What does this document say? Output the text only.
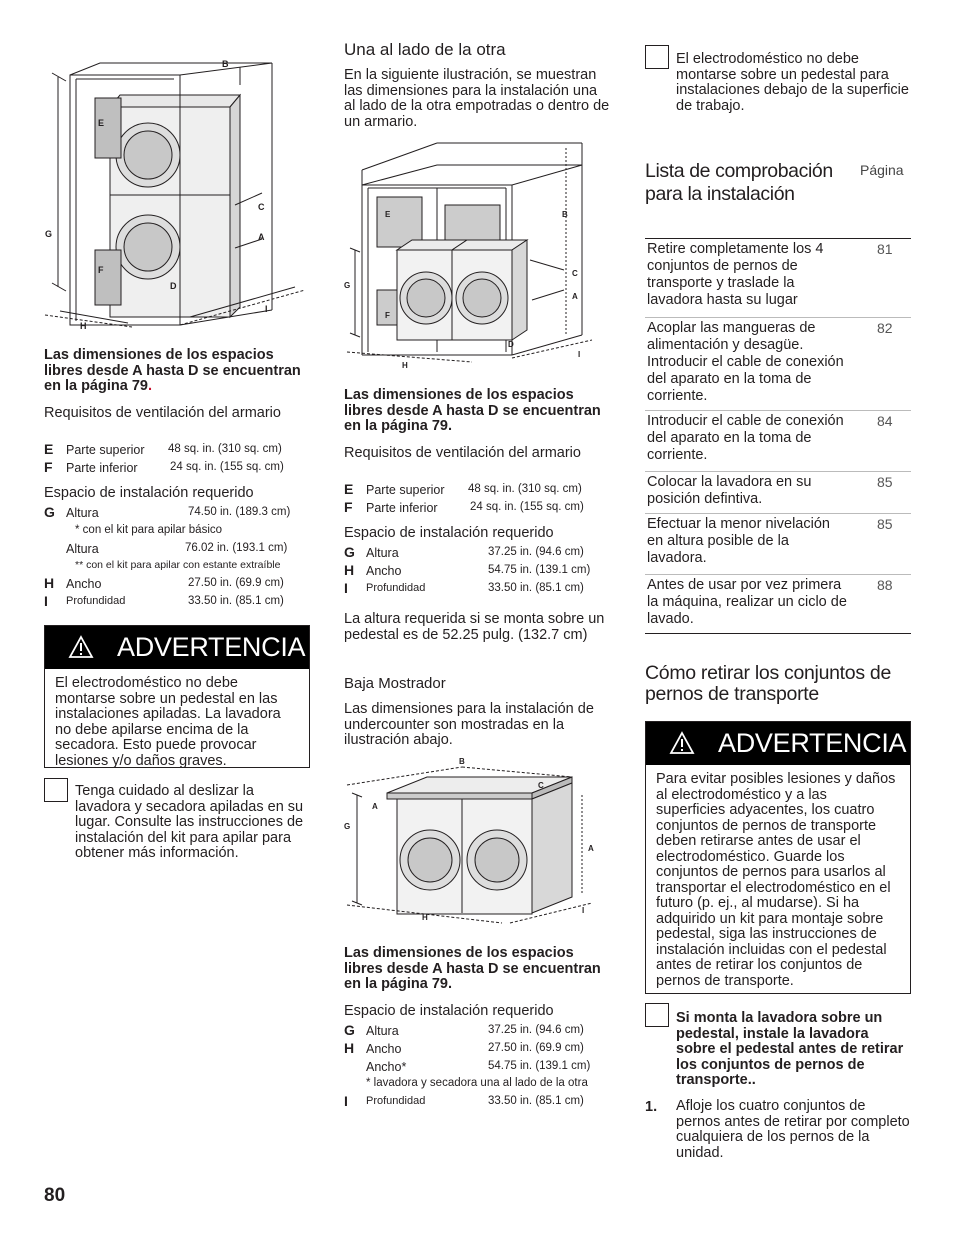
B
E
C
A
G
F
D
I
H
Las dimensiones de los espacios libres desde A hasta D se encuentran en la página 79.
Requisitos de ventilación del armario
E Parte superior 48 sq. in. (310 sq. cm)
F Parte inferior	24 sq. in. (155 sq. cm)
Espacio de instalación requerido
G Altura	74.50 in. (189.3 cm)
* con el kit para apilar básico
Altura	76.02 in. (193.1 cm)
** con el kit para apilar con estante extraíble
H Ancho	27.50 in. (69.9 cm)
I Profundidad	33.50 in. (85.1 cm)
ADVERTENCIA
El electrodoméstico no debe montarse sobre un pedestal en las instalaciones apiladas. La lavadora no debe apilarse encima de la secadora. Esto puede provocar lesiones y/o daños graves.
Tenga cuidado al deslizar la lavadora y secadora apiladas en su lugar. Consulte las instrucciones de instalación del kit para apilar para obtener más información.
80
Una al lado de la otra
En la siguiente ilustración, se muestran las dimensiones para la instalación una al lado de la otra empotradas o dentro de un armario.
E	B
C
A
G
F
D
H
I
Las dimensiones de los espacios libres desde A hasta D se encuentran en la página 79.
Requisitos de ventilación del armario
E Parte superior 48 sq. in. (310 sq. cm)
F Parte inferior	24 sq. in. (155 sq. cm)
Espacio de instalación requerido
G Altura	37.25 in. (94.6 cm)
H Ancho	54.75 in. (139.1 cm)
I Profundidad	33.50 in. (85.1 cm)
La altura requerida si se monta sobre un pedestal es de 52.25 pulg. (132.7 cm)
Baja Mostrador
Las dimensiones para la instalación de undercounter son mostradas en la ilustración abajo.
B
C
A
G
A
H
I
Las dimensiones de los espacios libres desde A hasta D se encuentran en la página 79.
Espacio de instalación requerido
G Altura	37.25 in. (94.6 cm)
H Ancho	27.50 in. (69.9 cm)
Ancho*	54.75 in. (139.1 cm)
* lavadora y secadora una al lado de la otra
I Profundidad	33.50 in. (85.1 cm)
El electrodoméstico no debe montarse sobre un pedestal para instalaciones debajo de la superficie de trabajo.
Lista de comprobación para la instalación
Página
Retire completamente los 4 conjuntos de pernos de transporte y traslade la lavadora hasta su lugar
81
Acoplar las mangueras de alimentación y desagüe. Introducir el cable de conexión del aparato en la toma de corriente.
82
Introducir el cable de conexión del aparato en la toma de corriente.
84
Colocar la lavadora en su posición defintiva.
85
Efectuar la menor nivelación en altura posible de la lavadora.
85
Antes de usar por vez primera la máquina, realizar un ciclo de lavado.
88
Cómo retirar los conjuntos de pernos de transporte
ADVERTENCIA
Para evitar posibles lesiones y daños al electrodoméstico y a las superficies adyacentes, los cuatro conjuntos de pernos de transporte deben retirarse antes de usar el electrodoméstico. Guarde los conjuntos de pernos para usarlos al transportar el electrodoméstico en el futuro (p. ej., al mudarse). Si ha adquirido un kit para montaje sobre pedestal, siga las instrucciones de instalación incluidas con el pedestal antes de retirar los conjuntos de pernos de transporte.
Si monta la lavadora sobre un pedestal, instale la lavadora sobre el pedestal antes de retirar los conjuntos de pernos de transporte..
1. Afloje los cuatro conjuntos de pernos antes de retirar por completo cualquiera de los pernos de la unidad.
